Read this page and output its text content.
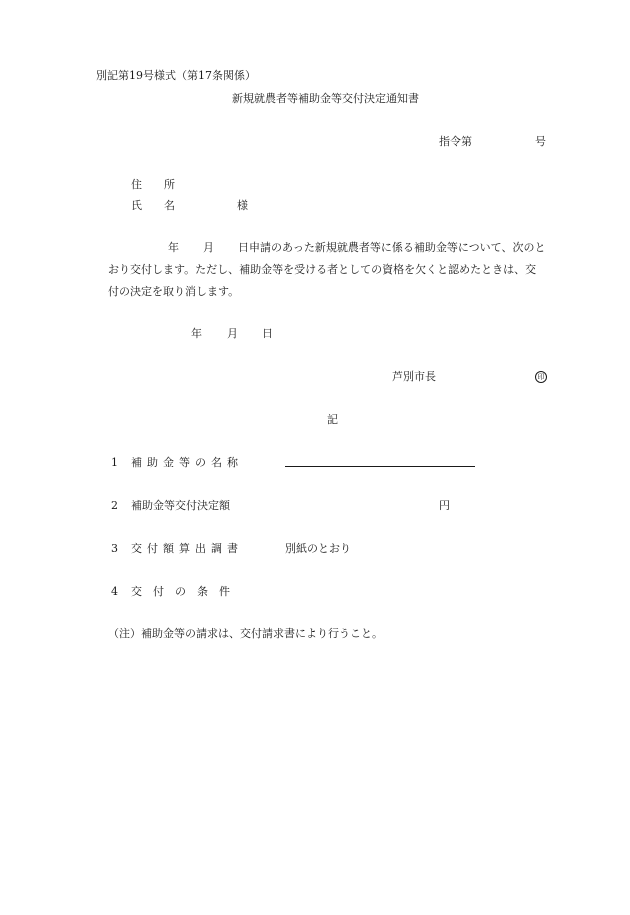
別記第19号様式（第17条関係）
新規就農者等補助金等交付決定通知書
指令第	号
住　　所
氏　　名	様
年 月 日申請のあった新規就農者等に係る補助金等について、次のと
おり交付します。ただし、補助金等を受ける者としての資格を欠くと認めたときは、交
付の決定を取り消します。
年 月 日
芦別市長	印
記
1 補助金等の名称
2 補助金等交付決定額	円
3 交付額算出調書	別紙のとおり
4 交　付　の　条　件
（注）補助金等の請求は、交付請求書により行うこと。
